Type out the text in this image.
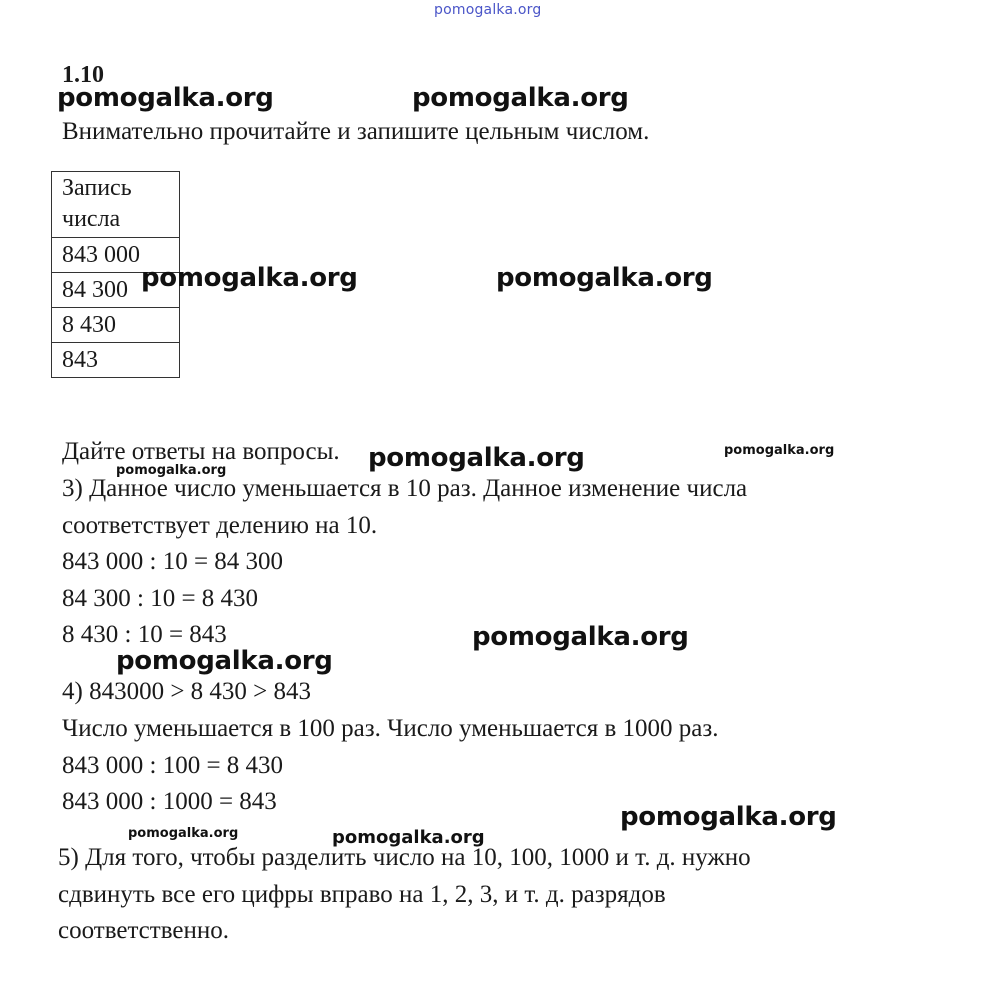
pomogalka.org
1.10
Внимательно прочитайте и запишите цельным числом.
Запись
числа
843 000
84 300
8 430
843
Дайте ответы на вопросы.
3) Данное число уменьшается в 10 раз. Данное изменение числа
соответствует делению на 10.
843 000 : 10 = 84 300
84 300 : 10 = 8 430
8 430 : 10 = 843
4) 843000 > 8 430 > 843
Число уменьшается в 100 раз. Число уменьшается в 1000 раз.
843 000 : 100 = 8 430
843 000 : 1000 = 843
5) Для того, чтобы разделить число на 10, 100, 1000 и т. д. нужно
сдвинуть все его цифры вправо на 1, 2, 3, и т. д. разрядов
соответственно.
pomogalka.org	pomogalka.org
pomogalka.org	pomogalka.org
pomogalka.org	pomogalka.org
pomogalka.org
pomogalka.org
pomogalka.org
pomogalka.org
pomogalka.org	pomogalka.org
